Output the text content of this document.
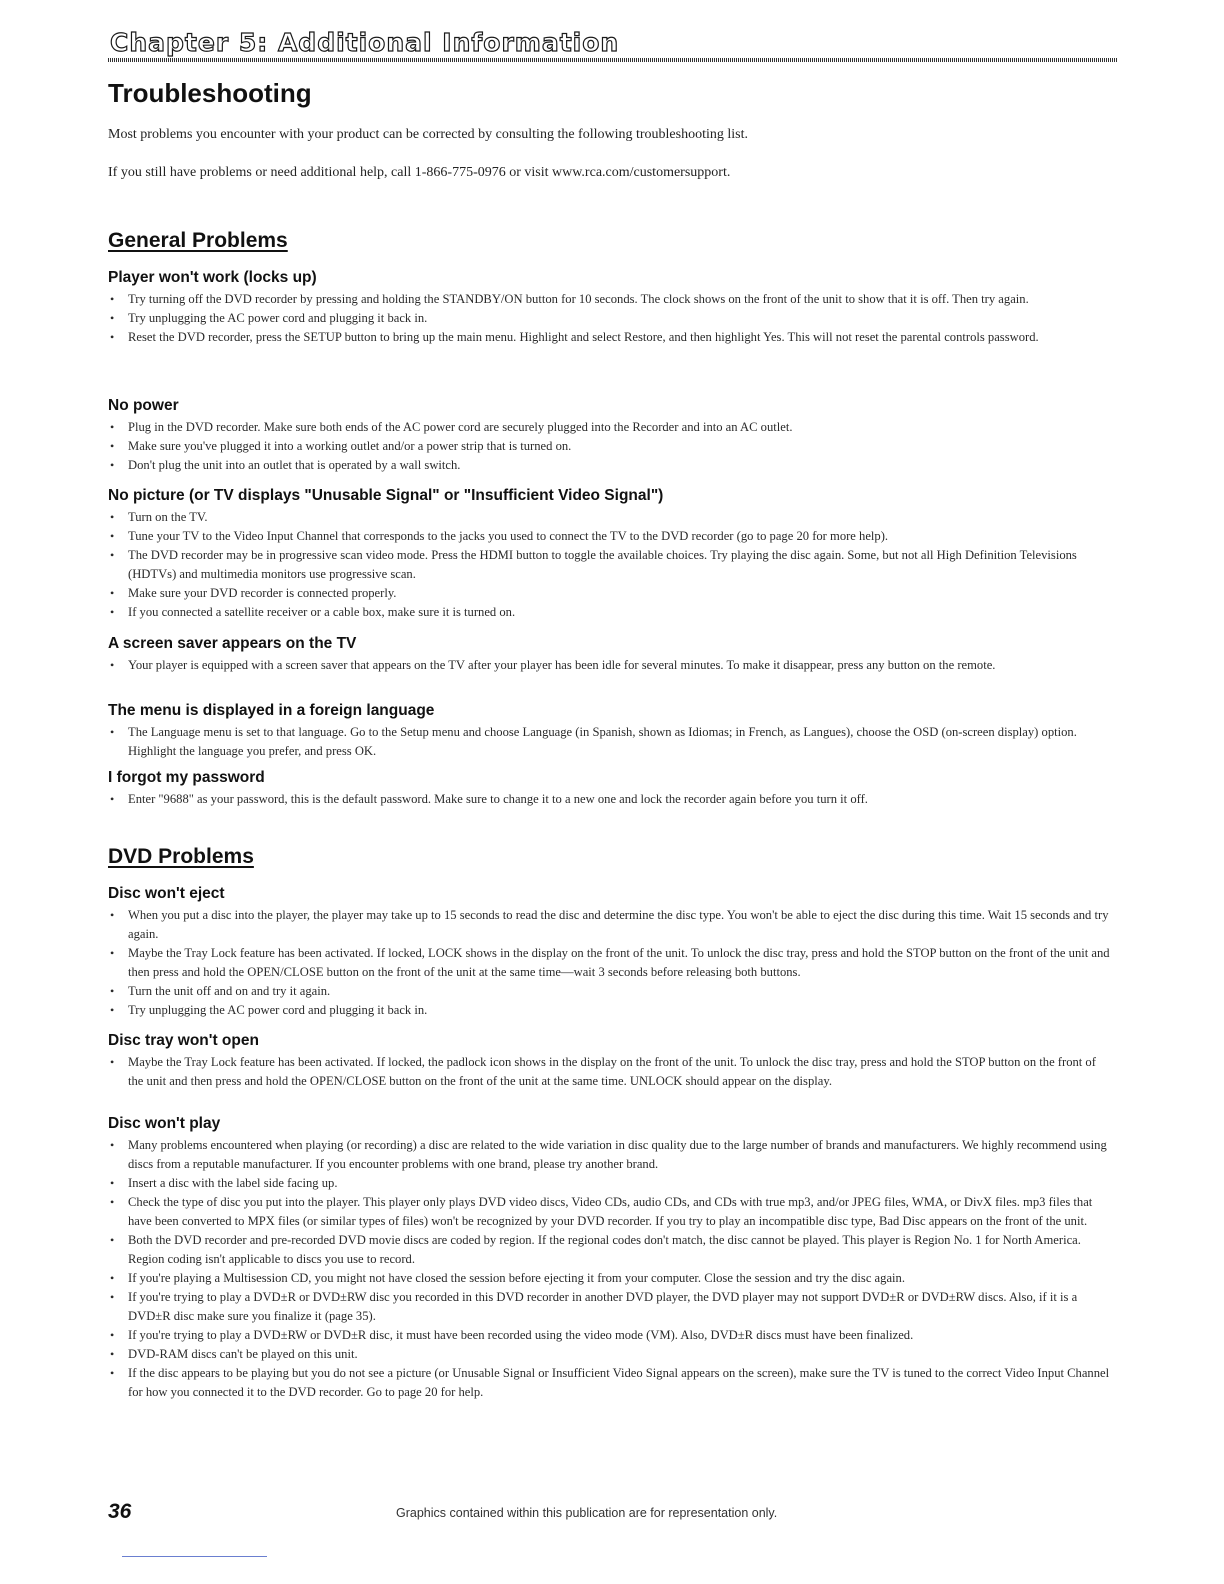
Chapter 5: Additional Information
Troubleshooting

Most problems you encounter with your product can be corrected by consulting the following troubleshooting list.

If you still have problems or need additional help, call 1-866-775-0976 or visit www.rca.com/customersupport.

General Problems
Player won't work (locks up)
• Try turning off the DVD recorder by pressing and holding the STANDBY/ON button for 10 seconds. The clock shows on the front of the unit to show that it is off. Then try again.
• Try unplugging the AC power cord and plugging it back in.
• Reset the DVD recorder, press the SETUP button to bring up the main menu. Highlight and select Restore, and then highlight Yes. This will not reset the parental controls password.
No power
• Plug in the DVD recorder. Make sure both ends of the AC power cord are securely plugged into the Recorder and into an AC outlet.
• Make sure you've plugged it into a working outlet and/or a power strip that is turned on.
• Don't plug the unit into an outlet that is operated by a wall switch.
No picture (or TV displays "Unusable Signal" or "Insufficient Video Signal")
• Turn on the TV.
• Tune your TV to the Video Input Channel that corresponds to the jacks you used to connect the TV to the DVD recorder (go to page 20 for more help).
• The DVD recorder may be in progressive scan video mode. Press the HDMI button to toggle the available choices. Try playing the disc again. Some, but not all High Definition Televisions (HDTVs) and multimedia monitors use progressive scan.
• Make sure your DVD recorder is connected properly.
• If you connected a satellite receiver or a cable box, make sure it is turned on.
A screen saver appears on the TV
• Your player is equipped with a screen saver that appears on the TV after your player has been idle for several minutes. To make it disappear, press any button on the remote.
The menu is displayed in a foreign language
• The Language menu is set to that language. Go to the Setup menu and choose Language (in Spanish, shown as Idiomas; in French, as Langues), choose the OSD (on-screen display) option. Highlight the language you prefer, and press OK.
I forgot my password
• Enter "9688" as your password, this is the default password. Make sure to change it to a new one and lock the recorder again before you turn it off.
DVD Problems
Disc won't eject
• When you put a disc into the player, the player may take up to 15 seconds to read the disc and determine the disc type. You won't be able to eject the disc during this time. Wait 15 seconds and try again.
• Maybe the Tray Lock feature has been activated. If locked, LOCK shows in the display on the front of the unit. To unlock the disc tray, press and hold the STOP button on the front of the unit and then press and hold the OPEN/CLOSE button on the front of the unit at the same time—wait 3 seconds before releasing both buttons.
• Turn the unit off and on and try it again.
• Try unplugging the AC power cord and plugging it back in.
Disc tray won't open
• Maybe the Tray Lock feature has been activated. If locked, the padlock icon shows in the display on the front of the unit. To unlock the disc tray, press and hold the STOP button on the front of the unit and then press and hold the OPEN/CLOSE button on the front of the unit at the same time. UNLOCK should appear on the display.
Disc won't play
• Many problems encountered when playing (or recording) a disc are related to the wide variation in disc quality due to the large number of brands and manufacturers. We highly recommend using discs from a reputable manufacturer. If you encounter problems with one brand, please try another brand.
• Insert a disc with the label side facing up.
• Check the type of disc you put into the player. This player only plays DVD video discs, Video CDs, audio CDs, and CDs with true mp3, and/or JPEG files, WMA, or DivX files. mp3 files that have been converted to MPX files (or similar types of files) won't be recognized by your DVD recorder. If you try to play an incompatible disc type, Bad Disc appears on the front of the unit.
• Both the DVD recorder and pre-recorded DVD movie discs are coded by region. If the regional codes don't match, the disc cannot be played. This player is Region No. 1 for North America. Region coding isn't applicable to discs you use to record.
• If you're playing a Multisession CD, you might not have closed the session before ejecting it from your computer. Close the session and try the disc again.
• If you're trying to play a DVD±R or DVD±RW disc you recorded in this DVD recorder in another DVD player, the DVD player may not support DVD±R or DVD±RW discs. Also, if it is a DVD±R disc make sure you finalize it (page 35).
• If you're trying to play a DVD±RW or DVD±R disc, it must have been recorded using the video mode (VM). Also, DVD±R discs must have been finalized.
• DVD-RAM discs can't be played on this unit.
• If the disc appears to be playing but you do not see a picture (or Unusable Signal or Insufficient Video Signal appears on the screen), make sure the TV is tuned to the correct Video Input Channel for how you connected it to the DVD recorder. Go to page 20 for help.
36	Graphics contained within this publication are for representation only.
